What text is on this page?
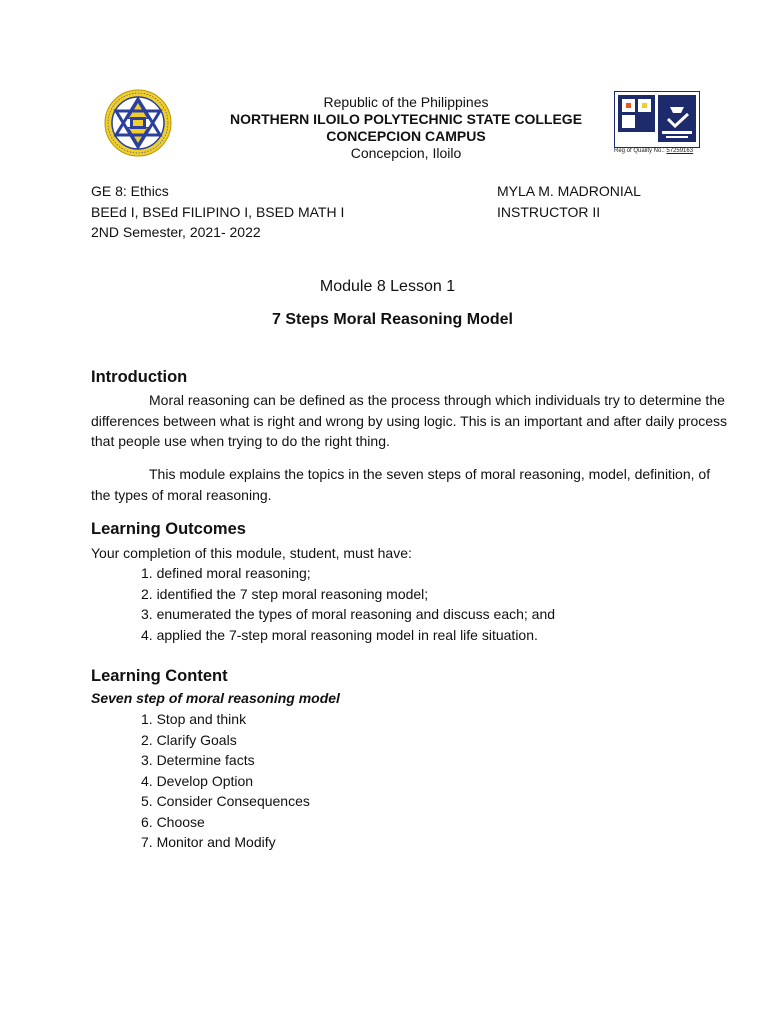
Reg of Quality No.: 57259163
Republic of the Philippines
NORTHERN ILOILO POLYTECHNIC STATE COLLEGE
CONCEPCION CAMPUS
Concepcion, Iloilo
GE 8: Ethics
BEEd I, BSEd FILIPINO I, BSED MATH I
2ND Semester, 2021- 2022
MYLA M. MADRONIAL
INSTRUCTOR II
Module 8 Lesson 1
7 Steps Moral Reasoning Model
Introduction
Moral reasoning can be defined as the process through which individuals try to determine the differences between what is right and wrong by using logic. This is an important and after daily process that people use when trying to do the right thing.
This module explains the topics in the seven steps of moral reasoning, model, definition, of the types of moral reasoning.
Learning Outcomes
Your completion of this module, student, must have:
1. defined moral reasoning;
2. identified the 7 step moral reasoning model;
3. enumerated the types of moral reasoning and discuss each; and
4. applied the 7-step moral reasoning model in real life situation.
Learning Content
Seven step of moral reasoning model
1. Stop and think
2. Clarify Goals
3. Determine facts
4. Develop Option
5. Consider Consequences
6. Choose
7. Monitor and Modify
